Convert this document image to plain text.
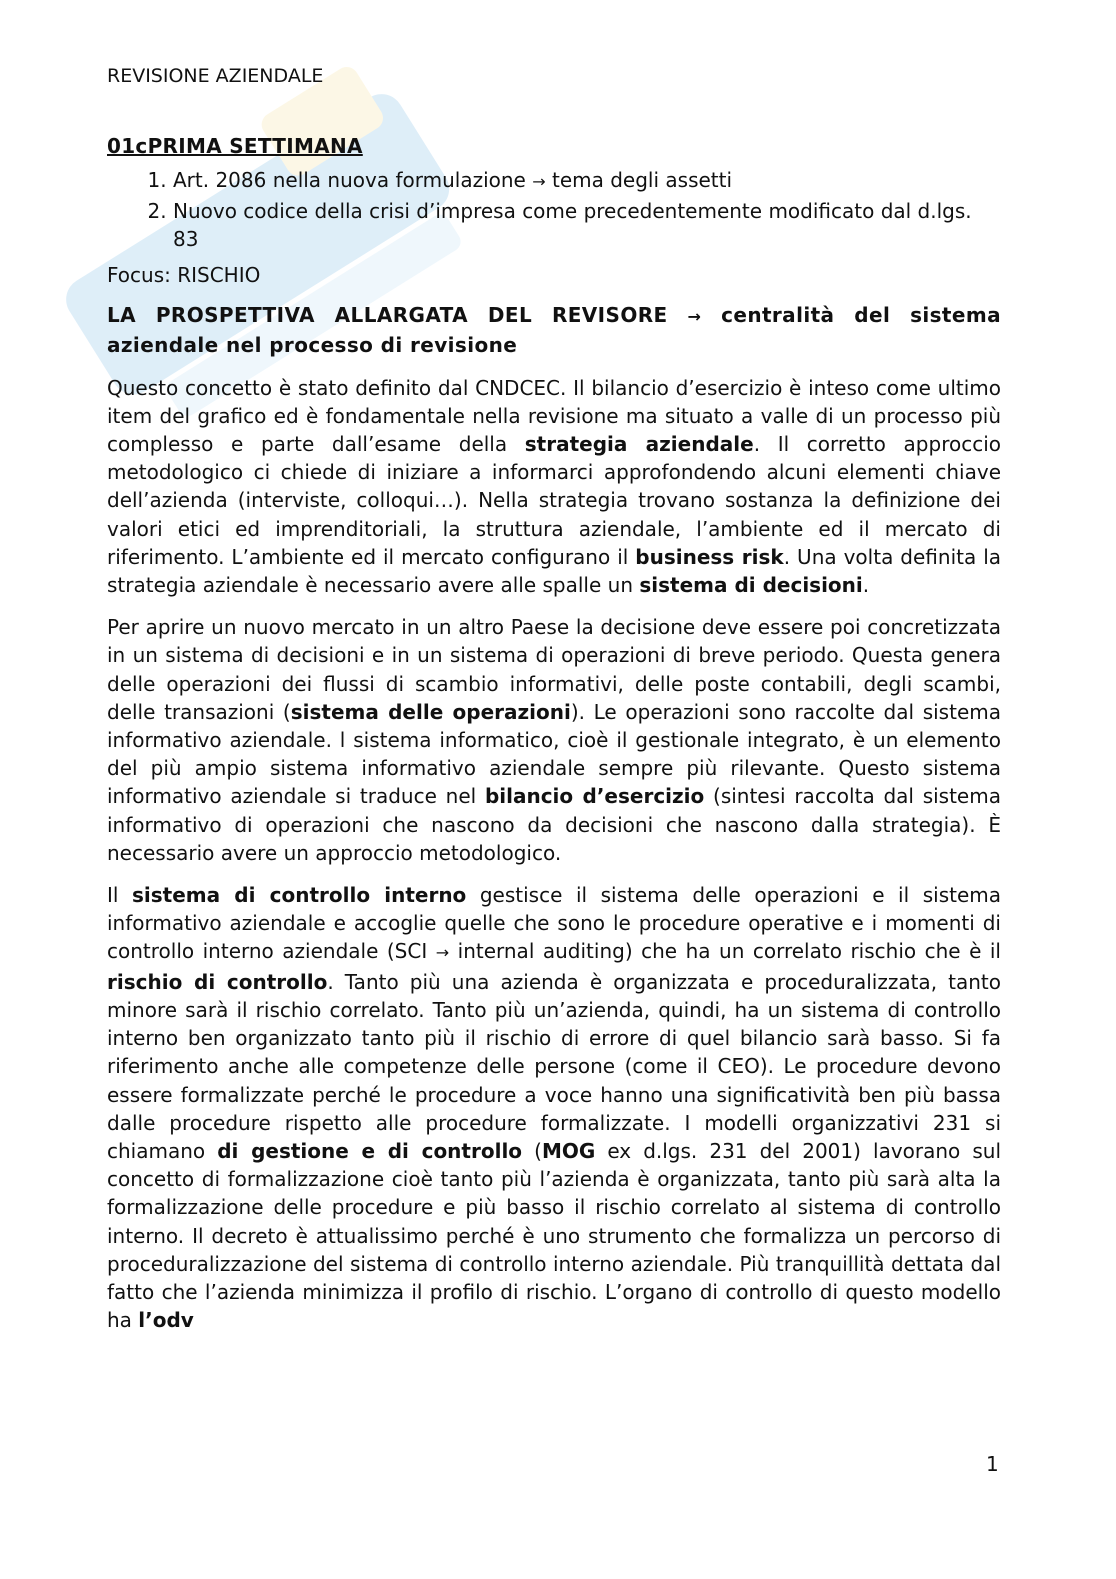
REVISIONE AZIENDALE
01cPRIMA SETTIMANA
1. Art. 2086 nella nuova formulazione → tema degli assetti
2. Nuovo codice della crisi d’impresa come precedentemente modificato dal d.lgs. 83

Focus: RISCHIO

LA PROSPETTIVA ALLARGATA DEL REVISORE → centralità del sistema aziendale nel processo di revisione

Questo concetto è stato definito dal CNDCEC. Il bilancio d’esercizio è inteso come ultimo item del grafico ed è fondamentale nella revisione ma situato a valle di un processo più complesso e parte dall’esame della strategia aziendale. Il corretto approccio metodologico ci chiede di iniziare a informarci approfondendo alcuni elementi chiave dell’azienda (interviste, colloqui…). Nella strategia trovano sostanza la definizione dei valori etici ed imprenditoriali, la struttura aziendale, l’ambiente ed il mercato di riferimento. L’ambiente ed il mercato configurano il business risk. Una volta definita la strategia aziendale è necessario avere alle spalle un sistema di decisioni.

Per aprire un nuovo mercato in un altro Paese la decisione deve essere poi concretizzata in un sistema di decisioni e in un sistema di operazioni di breve periodo. Questa genera delle operazioni dei flussi di scambio informativi, delle poste contabili, degli scambi, delle transazioni (sistema delle operazioni). Le operazioni sono raccolte dal sistema informativo aziendale. l sistema informatico, cioè il gestionale integrato, è un elemento del più ampio sistema informativo aziendale sempre più rilevante. Questo sistema informativo aziendale si traduce nel bilancio d’esercizio (sintesi raccolta dal sistema informativo di operazioni che nascono da decisioni che nascono dalla strategia). È necessario avere un approccio metodologico.

Il sistema di controllo interno gestisce il sistema delle operazioni e il sistema informativo aziendale e accoglie quelle che sono le procedure operative e i momenti di controllo interno aziendale (SCI → internal auditing) che ha un correlato rischio che è il rischio di controllo. Tanto più una azienda è organizzata e proceduralizzata, tanto minore sarà il rischio correlato. Tanto più un’azienda, quindi, ha un sistema di controllo interno ben organizzato tanto più il rischio di errore di quel bilancio sarà basso. Si fa riferimento anche alle competenze delle persone (come il CEO). Le procedure devono essere formalizzate perché le procedure a voce hanno una significatività ben più bassa dalle procedure rispetto alle procedure formalizzate. I modelli organizzativi 231 si chiamano di gestione e di controllo (MOG ex d.lgs. 231 del 2001) lavorano sul concetto di formalizzazione cioè tanto più l’azienda è organizzata, tanto più sarà alta la formalizzazione delle procedure e più basso il rischio correlato al sistema di controllo interno. Il decreto è attualissimo perché è uno strumento che formalizza un percorso di proceduralizzazione del sistema di controllo interno aziendale. Più tranquillità dettata dal fatto che l’azienda minimizza il profilo di rischio. L’organo di controllo di questo modello ha l’odv

1
